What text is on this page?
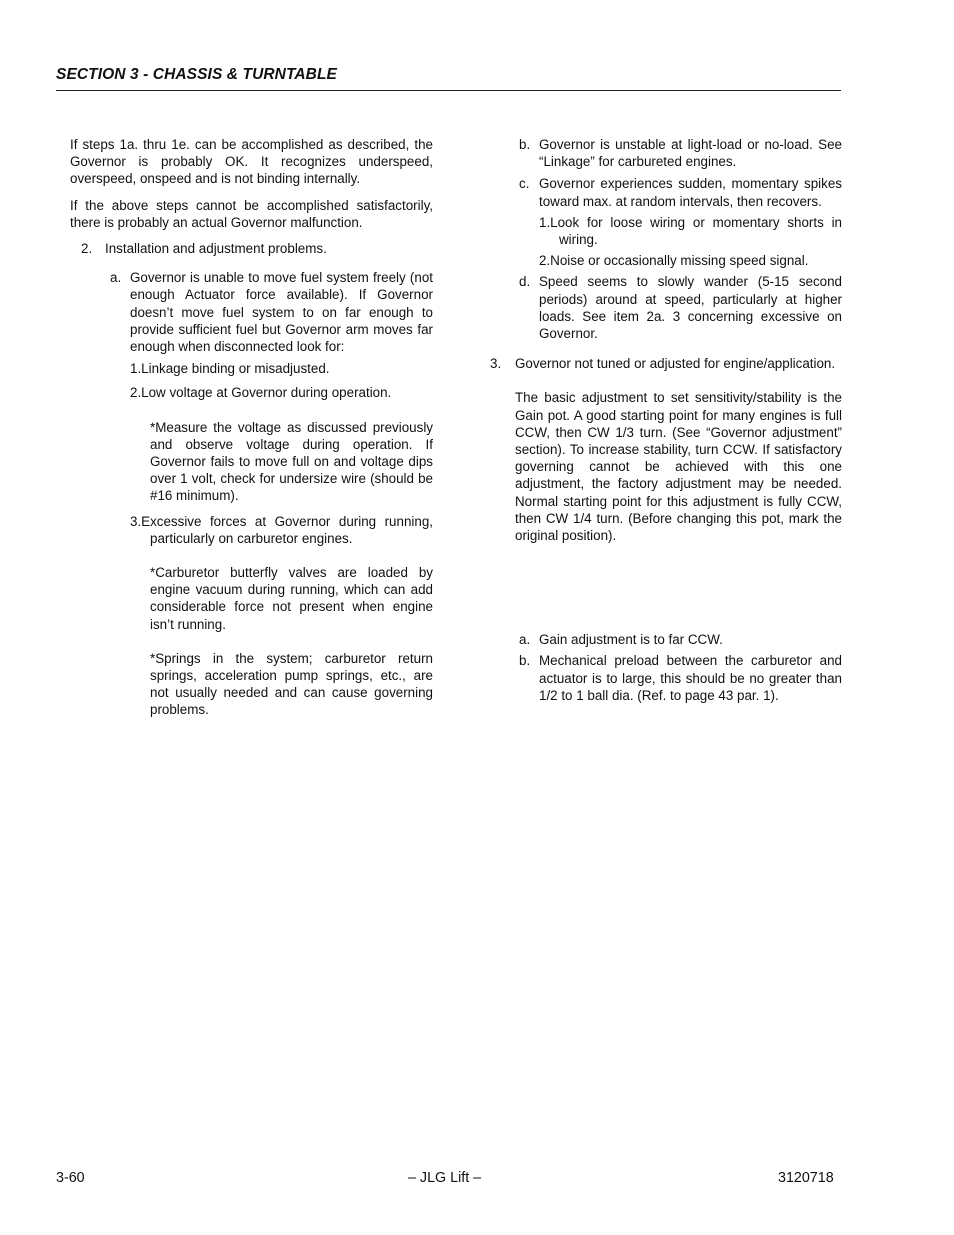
SECTION 3 - CHASSIS & TURNTABLE

If steps 1a. thru 1e. can be accomplished as described, the Governor is probably OK. It recognizes underspeed, overspeed, onspeed and is not binding internally.

If the above steps cannot be accomplished satisfactorily, there is probably an actual Governor malfunction.

2. Installation and adjustment problems.
a. Governor is unable to move fuel system freely (not enough Actuator force available). If Governor doesn’t move fuel system to on far enough to provide sufficient fuel but Governor arm moves far enough when disconnected look for:

1.Linkage binding or misadjusted.

2.Low voltage at Governor during operation.

*Measure the voltage as discussed previously and observe voltage during operation. If Governor fails to move full on and voltage dips over 1 volt, check for undersize wire (should be #16 minimum).

3.Excessive forces at Governor during running, particularly on carburetor engines.

*Carburetor butterfly valves are loaded by engine vacuum during running, which can add considerable force not present when engine isn’t running.

*Springs in the system; carburetor return springs, acceleration pump springs, etc., are not usually needed and can cause governing problems.

b. Governor is unstable at light-load or no-load. See “Linkage” for carbureted engines.
c. Governor experiences sudden, momentary spikes toward max. at random intervals, then recovers.

1.Look for loose wiring or momentary shorts in wiring.

2.Noise or occasionally missing speed signal.

d. Speed seems to slowly wander (5-15 second periods) around at speed, particularly at higher loads. See item 2a. 3 concerning excessive on Governor.
3.	Governor not tuned or adjusted for engine/application.

The basic adjustment to set sensitivity/stability is the Gain pot. A good starting point for many engines is full CCW, then CW 1/3 turn. (See “Governor adjustment” section). To increase stability, turn CCW. If satisfactory governing cannot be achieved with this one adjustment, the factory adjustment may be needed. Normal starting point for this adjustment is fully CCW, then CW 1/4 turn. (Before changing this pot, mark the original position).

a. Gain adjustment is to far CCW.
b. Mechanical preload between the carburetor and actuator is to large, this should be no greater than 1/2 to 1 ball dia. (Ref. to page 43 par. 1).
3-60	– JLG Lift –	3120718
